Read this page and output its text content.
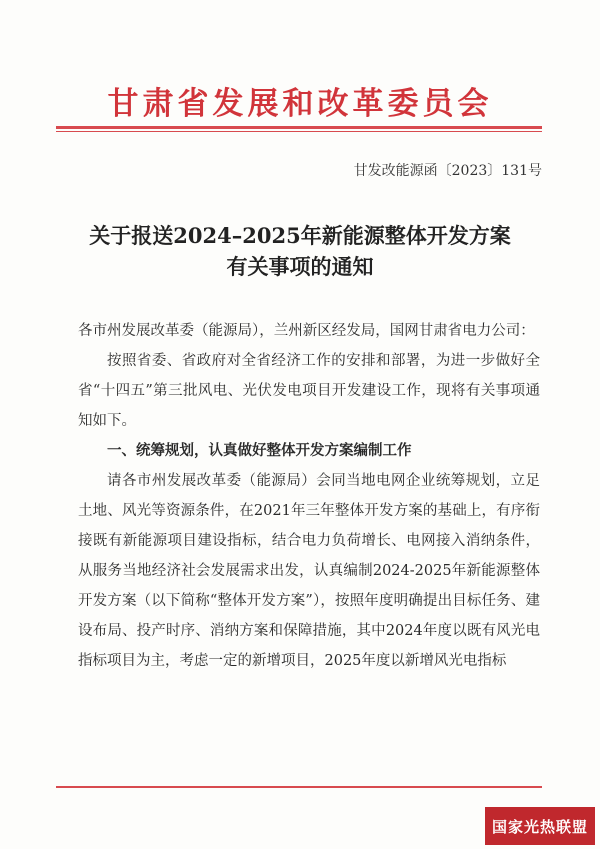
甘肃省发展和改革委员会
甘发改能源函〔2023〕131号
关于报送2024–2025年新能源整体开发方案
有关事项的通知

各市州发展改革委（能源局），兰州新区经发局，国网甘肃省电力公司：

按照省委、省政府对全省经济工作的安排和部署，为进一步做好全省“十四五”第三批风电、光伏发电项目开发建设工作，现将有关事项通知如下。

一、统筹规划，认真做好整体开发方案编制工作

请各市州发展改革委（能源局）会同当地电网企业统筹规划，立足土地、风光等资源条件，在2021年三年整体开发方案的基础上，有序衔接既有新能源项目建设指标，结合电力负荷增长、电网接入消纳条件，从服务当地经济社会发展需求出发，认真编制2024-2025年新能源整体开发方案（以下简称“整体开发方案”），按照年度明确提出目标任务、建设布局、投产时序、消纳方案和保障措施，其中2024年度以既有风光电指标项目为主，考虑一定的新增项目，2025年度以新增风光电指标

国家光热联盟
